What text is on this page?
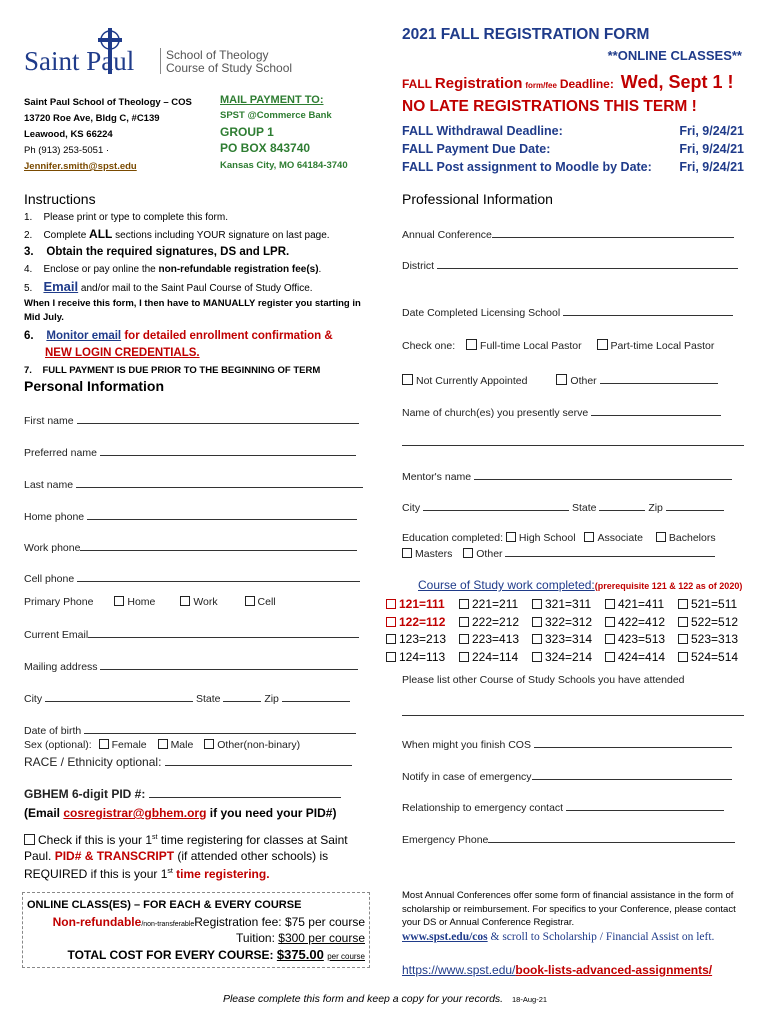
Saint Paul	School of Theology
Course of Study School
Saint Paul School of Theology – COS
13720 Roe Ave, Bldg C, #C139
Leawood, KS 66224
Ph (913) 253-5051 ·
Jennifer.smith@spst.edu
MAIL PAYMENT TO:
SPST @Commerce Bank
GROUP 1
PO BOX 843740
Kansas City, MO 64184-3740
2021 FALL REGISTRATION FORM
**ONLINE CLASSES**
FALL Registration form/fee Deadline: Wed, Sept 1 !
NO LATE REGISTRATIONS THIS TERM !
FALL Withdrawal Deadline:	Fri, 9/24/21
FALL Payment Due Date:	Fri, 9/24/21
FALL Post assignment to Moodle by Date: Fri, 9/24/21
Instructions
1.    Please print or type to complete this form.
2.    Complete ALL sections including YOUR signature on last page.
3.    Obtain the required signatures, DS and LPR.
4.    Enclose or pay online the non-refundable registration fee(s).
5.    Email and/or mail to the Saint Paul Course of Study Office.
When I receive this form, I then have to MANUALLY register you starting in Mid July.
6.    Monitor email for detailed enrollment confirmation &
NEW LOGIN CREDENTIALS.
7.    FULL PAYMENT IS DUE PRIOR TO THE BEGINNING OF TERM
Personal Information
First name
Preferred name
Last name
Home phone
Work phone
Cell phone
Primary Phone	Home	Work	Cell
Current Email
Mailing address
City	State	Zip
Date of birth
Sex (optional): Female Male Other(non-binary)
RACE / Ethnicity optional:
GBHEM 6-digit PID #:
(Email cosregistrar@gbhem.org if you need your PID#)
Check if this is your 1st time registering for classes at Saint
Paul. PID# & TRANSCRIPT (if attended other schools) is
REQUIRED if this is your 1st time registering.
ONLINE CLASS(ES) – FOR EACH & EVERY COURSE
Non-refundable/non-transferableRegistration fee: $75 per course
Tuition: $300 per course
TOTAL COST FOR EVERY COURSE: $375.00 per course
Professional Information
Annual Conference
District
Date Completed Licensing School
Check one: Full-time Local Pastor	Part-time Local Pastor
Not Currently Appointed	Other
Name of church(es) you presently serve
Mentor's name
City	State	Zip
Education completed: High School Associate Bachelors
Masters Other
Course of Study work completed:(prerequisite 121 & 122 as of 2020)
121=111 221=211 321=311 421=411 521=511
122=112 222=212 322=312 422=412 522=512
123=213 223=413 323=314 423=513 523=313
124=113 224=114 324=214 424=414 524=514
Please list other Course of Study Schools you have attended
When might you finish COS
Notify in case of emergency
Relationship to emergency contact
Emergency Phone
Most Annual Conferences offer some form of financial assistance in the form of scholarship or reimbursement. For specifics to your Conference, please contact your DS or Annual Conference Registrar.
www.spst.edu/cos & scroll to Scholarship / Financial Assist on left.
https://www.spst.edu/book-lists-advanced-assignments/
Please complete this form and keep a copy for your records. 18-Aug-21
